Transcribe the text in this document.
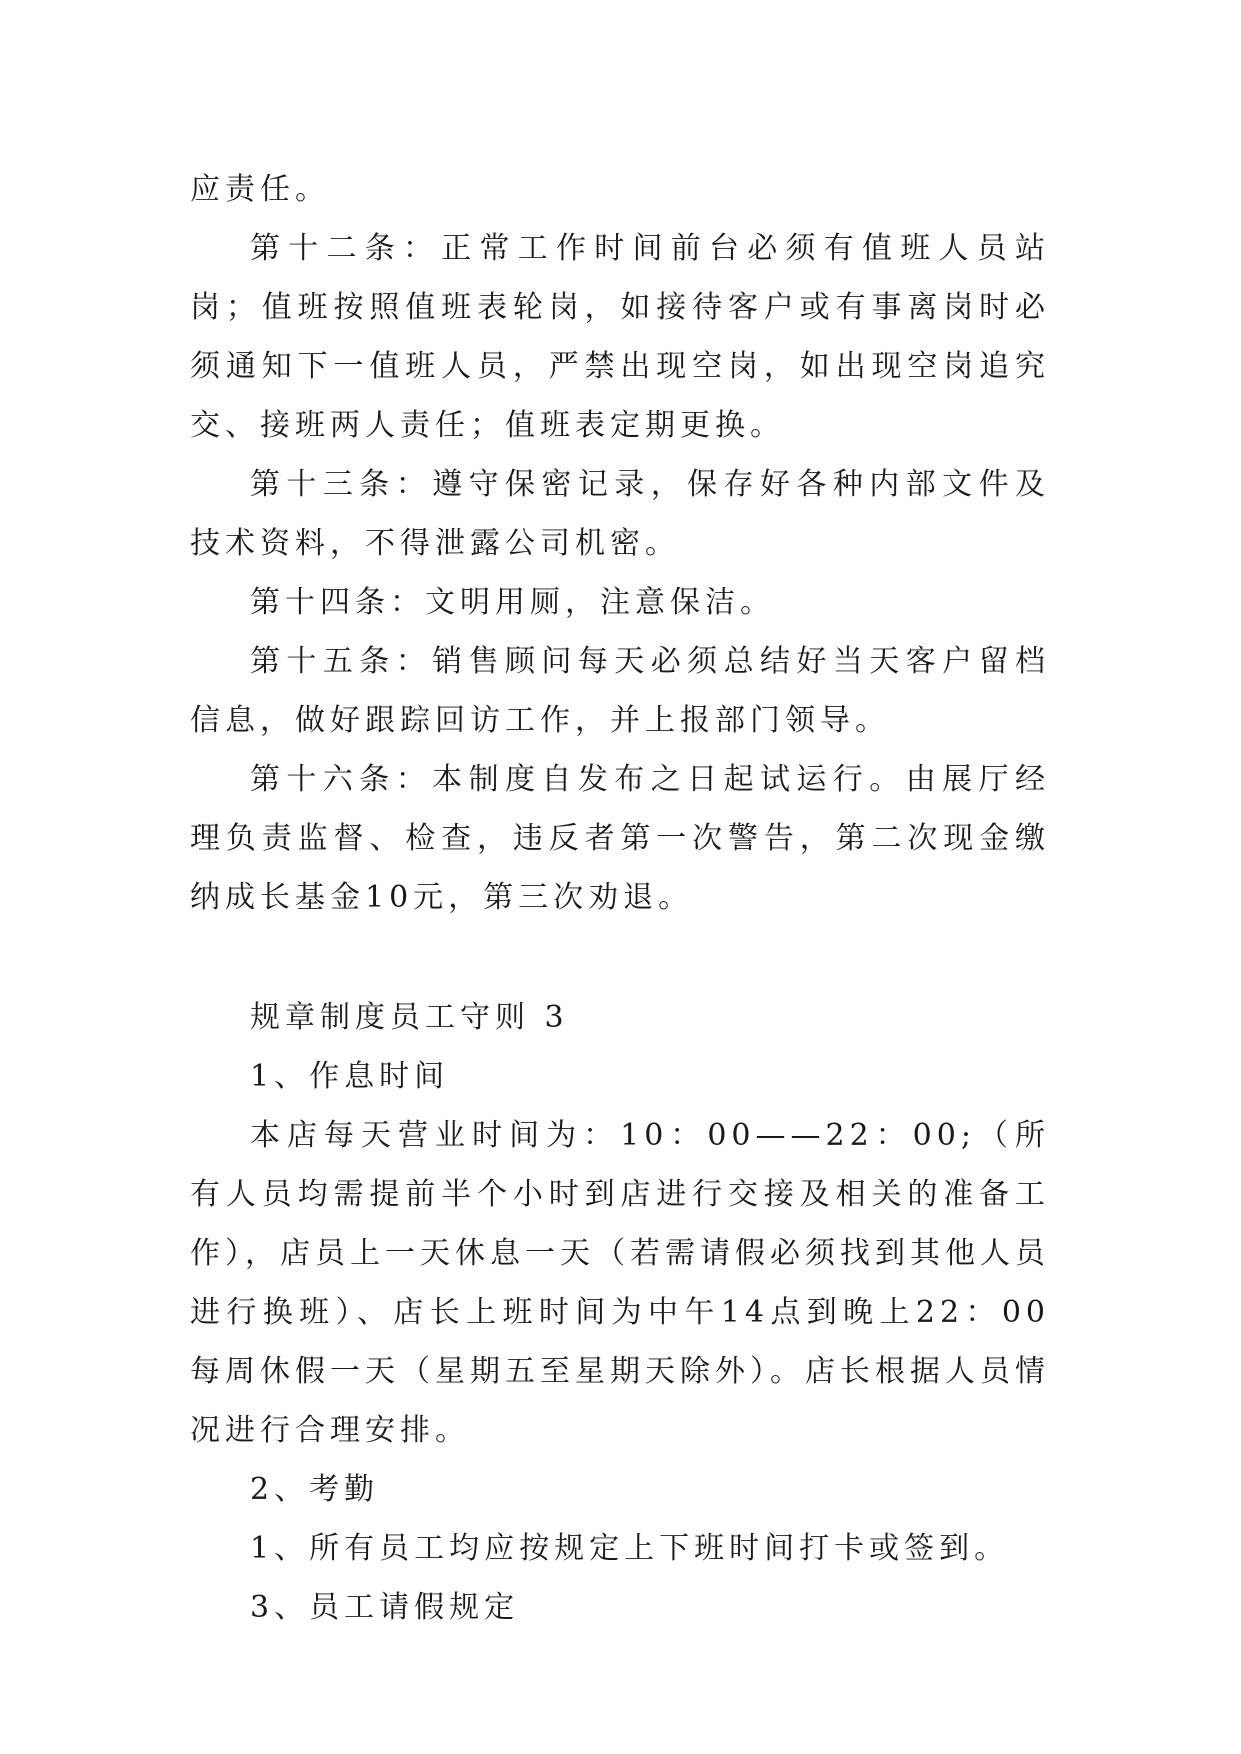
应责任。

第十二条：正常工作时间前台必须有值班人员站岗；值班按照值班表轮岗，如接待客户或有事离岗时必须通知下一值班人员，严禁出现空岗，如出现空岗追究交、接班两人责任；值班表定期更换。

第十三条：遵守保密记录，保存好各种内部文件及技术资料，不得泄露公司机密。

第十四条：文明用厕，注意保洁。

第十五条：销售顾问每天必须总结好当天客户留档信息，做好跟踪回访工作，并上报部门领导。

第十六条：本制度自发布之日起试运行。由展厅经理负责监督、检查，违反者第一次警告，第二次现金缴纳成长基金10元，第三次劝退。

规章制度员工守则 3

1、作息时间

本店每天营业时间为：10：00——22：00;（所有人员均需提前半个小时到店进行交接及相关的准备工作），店员上一天休息一天（若需请假必须找到其他人员进行换班）、店长上班时间为中午14点到晚上22：00每周休假一天（星期五至星期天除外）。店长根据人员情况进行合理安排。

2、考勤

1、所有员工均应按规定上下班时间打卡或签到。

3、员工请假规定
